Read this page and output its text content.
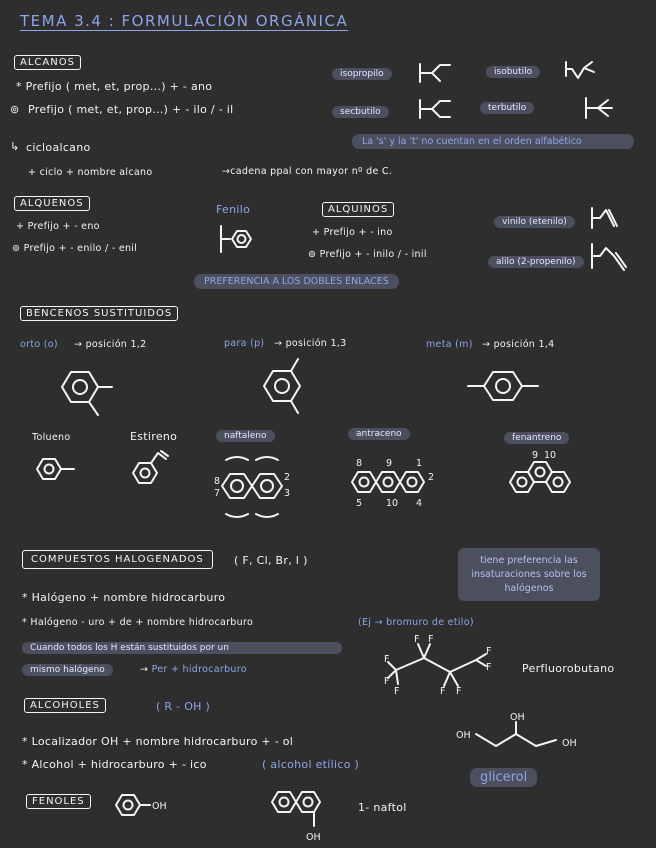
TEMA 3.4 : FORMULACIÓN ORGÁNICA
ALCANOS
* Prefijo ( met, et, prop...) + - ano
⊚ Prefijo ( met, et, prop...) + - ilo / - il
↳ cicloalcano
+ ciclo + nombre alcano	→cadena ppal con mayor nº de C.
isopropilo	isobutilo
secbutilo	terbutilo
La 's' y la 't' no cuentan en el orden alfabético
ALQUENOS
+ Prefijo + - eno
⊚ Prefijo + - enilo / - enil
Fenilo	ALQUINOS
+ Prefijo + - ino
⊚ Prefijo + - inilo / - inil
vinilo (etenilo)
alilo (2-propenilo)
PREFERENCIA A LOS DOBLES ENLACES
BENCENOS SUSTITUIDOS
orto (o) → posición 1,2	para (p) → posición 1,3	meta (m) → posición 1,4
Tolueno	Estireno	naftaleno
8
7
2
3
antraceno
8	9	1
2
5	10 4
fenantreno
9 10
COMPUESTOS HALOGENADOS	( F, Cl, Br, I )	tiene preferencia las insaturaciones sobre los halógenos
* Halógeno + nombre hidrocarburo
* Halógeno - uro + de + nombre hidrocarburo	(Ej → bromuro de etilo)
Cuando todos los H están sustituidos por un
mismo halógeno	→ Per + hidrocarburo
F
F
F
F F
F F
F
F	Perfluorobutano
ALCOHOLES	( R - OH )
* Localizador OH + nombre hidrocarburo + - ol
* Alcohol + hidrocarburo + - ico	( alcohol etílico )
OH
OH
OH
glicerol
FENOLES	OH
OH
1- naftol
